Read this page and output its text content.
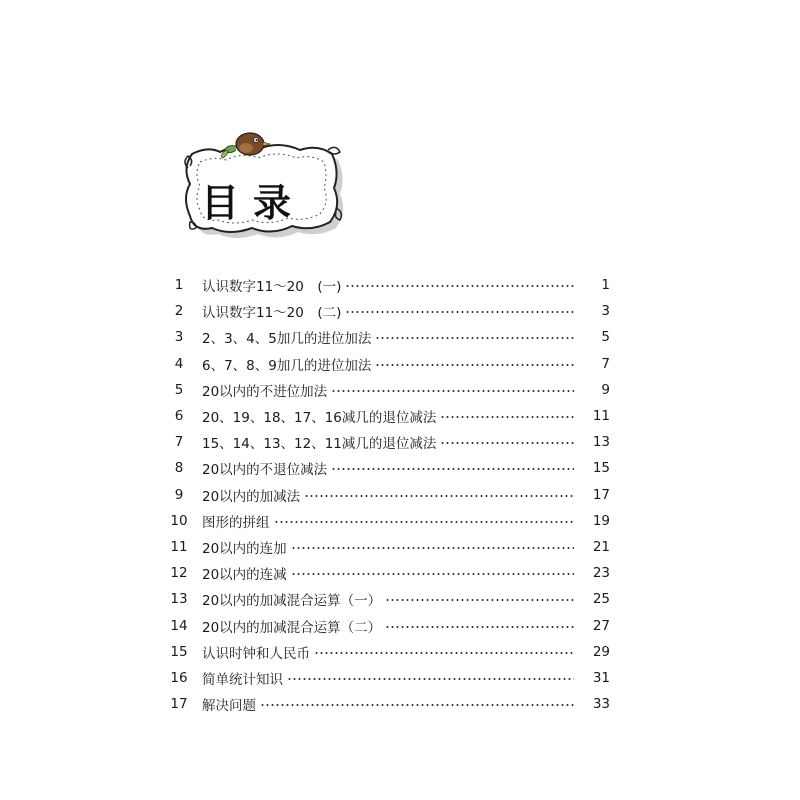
目录
1	认识数字11～20　(一)	1
2	认识数字11～20　(二)	3
3	2、3、4、5加几的进位加法	5
4	6、7、8、9加几的进位加法	7
5	20以内的不进位加法	9
6	20、19、18、17、16减几的退位减法	11
7	15、14、13、12、11减几的退位减法	13
8	20以内的不退位减法	15
9	20以内的加减法	17
10	图形的拼组	19
11	20以内的连加	21
12	20以内的连减	23
13	20以内的加减混合运算（一）	25
14	20以内的加减混合运算（二）	27
15	认识时钟和人民币	29
16	简单统计知识	31
17	解决问题	33
